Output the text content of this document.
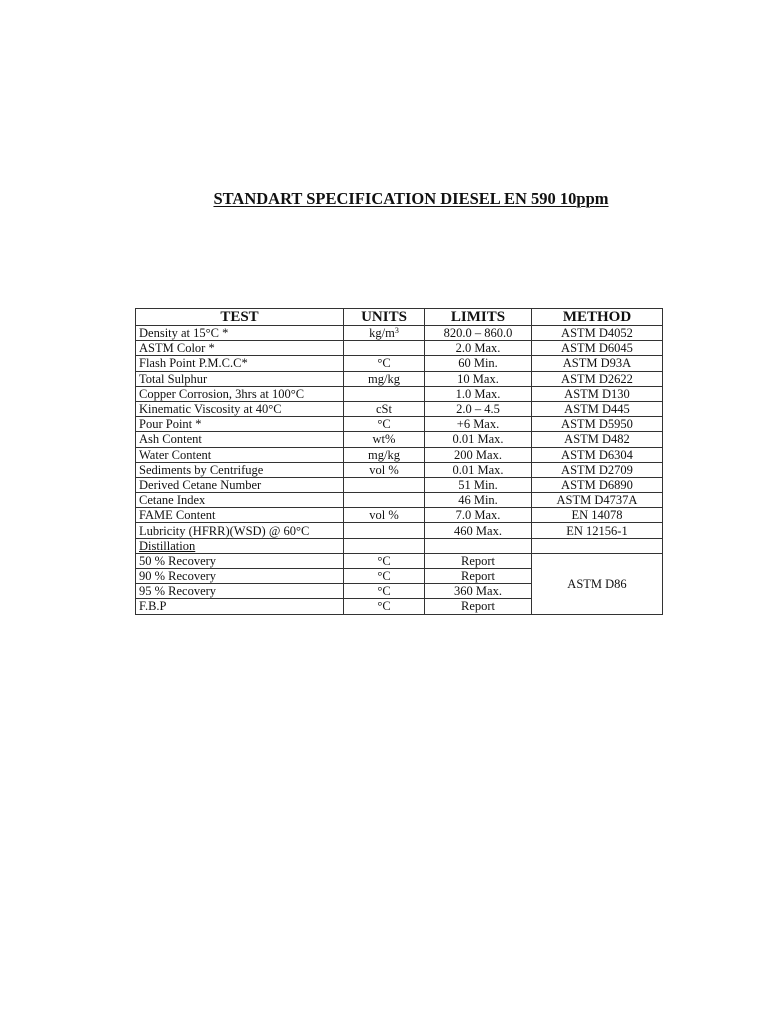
STANDART SPECIFICATION DIESEL EN 590 10ppm
TEST	UNITS	LIMITS	METHOD
Density at 15°C *	$kg/m^3$	820.0 – 860.0	ASTM D4052
ASTM Color *		2.0 Max.	ASTM D6045
Flash Point P.M.C.C*	°C	60 Min.	ASTM D93A
Total Sulphur	mg/kg	10 Max.	ASTM D2622
Copper Corrosion, 3hrs at 100°C		1.0 Max.	ASTM D130
Kinematic Viscosity at 40°C	cSt	2.0 – 4.5	ASTM D445
Pour Point *	°C	+6 Max.	ASTM D5950
Ash Content	wt%	0.01 Max.	ASTM D482
Water Content	mg/kg	200 Max.	ASTM D6304
Sediments by Centrifuge	vol %	0.01 Max.	ASTM D2709
Derived Cetane Number		51 Min.	ASTM D6890
Cetane Index		46 Min.	ASTM D4737A
FAME Content	vol %	7.0 Max.	EN 14078
Lubricity (HFRR)(WSD) @ 60°C		460 Max.	EN 12156-1
Distillation			
50 % Recovery	°C	Report	ASTM D86
90 % Recovery	°C	Report	
95 % Recovery	°C	360 Max.	
F.B.P	°C	Report	
